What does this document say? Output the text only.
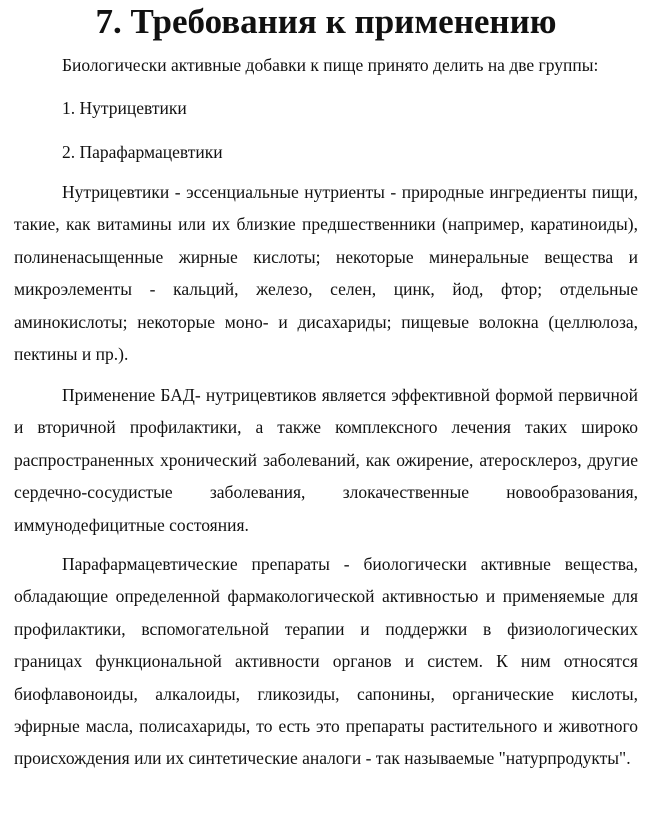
7. Требования к применению

Биологически активные добавки к пище принято делить на две группы:

1. Нутрицевтики

2. Парафармацевтики

Нутрицевтики - эссенциальные нутриенты - природные ингредиенты пищи, такие, как витамины или их близкие предшественники (например, каратиноиды), полиненасыщенные жирные кислоты; некоторые минеральные вещества и микроэлементы - кальций, железо, селен, цинк, йод, фтор; отдельные аминокислоты; некоторые моно- и дисахариды; пищевые волокна (целлюлоза, пектины и пр.).

Применение БАД- нутрицевтиков является эффективной формой первичной и вторичной профилактики, а также комплексного лечения таких широко распространенных хронический заболеваний, как ожирение, атеросклероз, другие сердечно-сосудистые заболевания, злокачественные новообразования, иммунодефицитные состояния.

Парафармацевтические препараты - биологически активные вещества, обладающие определенной фармакологической активностью и применяемые для профилактики, вспомогательной терапии и поддержки в физиологических границах функциональной активности органов и систем. К ним относятся биофлавоноиды, алкалоиды, гликозиды, сапонины, органические кислоты, эфирные масла, полисахариды, то есть это препараты растительного и животного происхождения или их синтетические аналоги - так называемые "натурпродукты".
